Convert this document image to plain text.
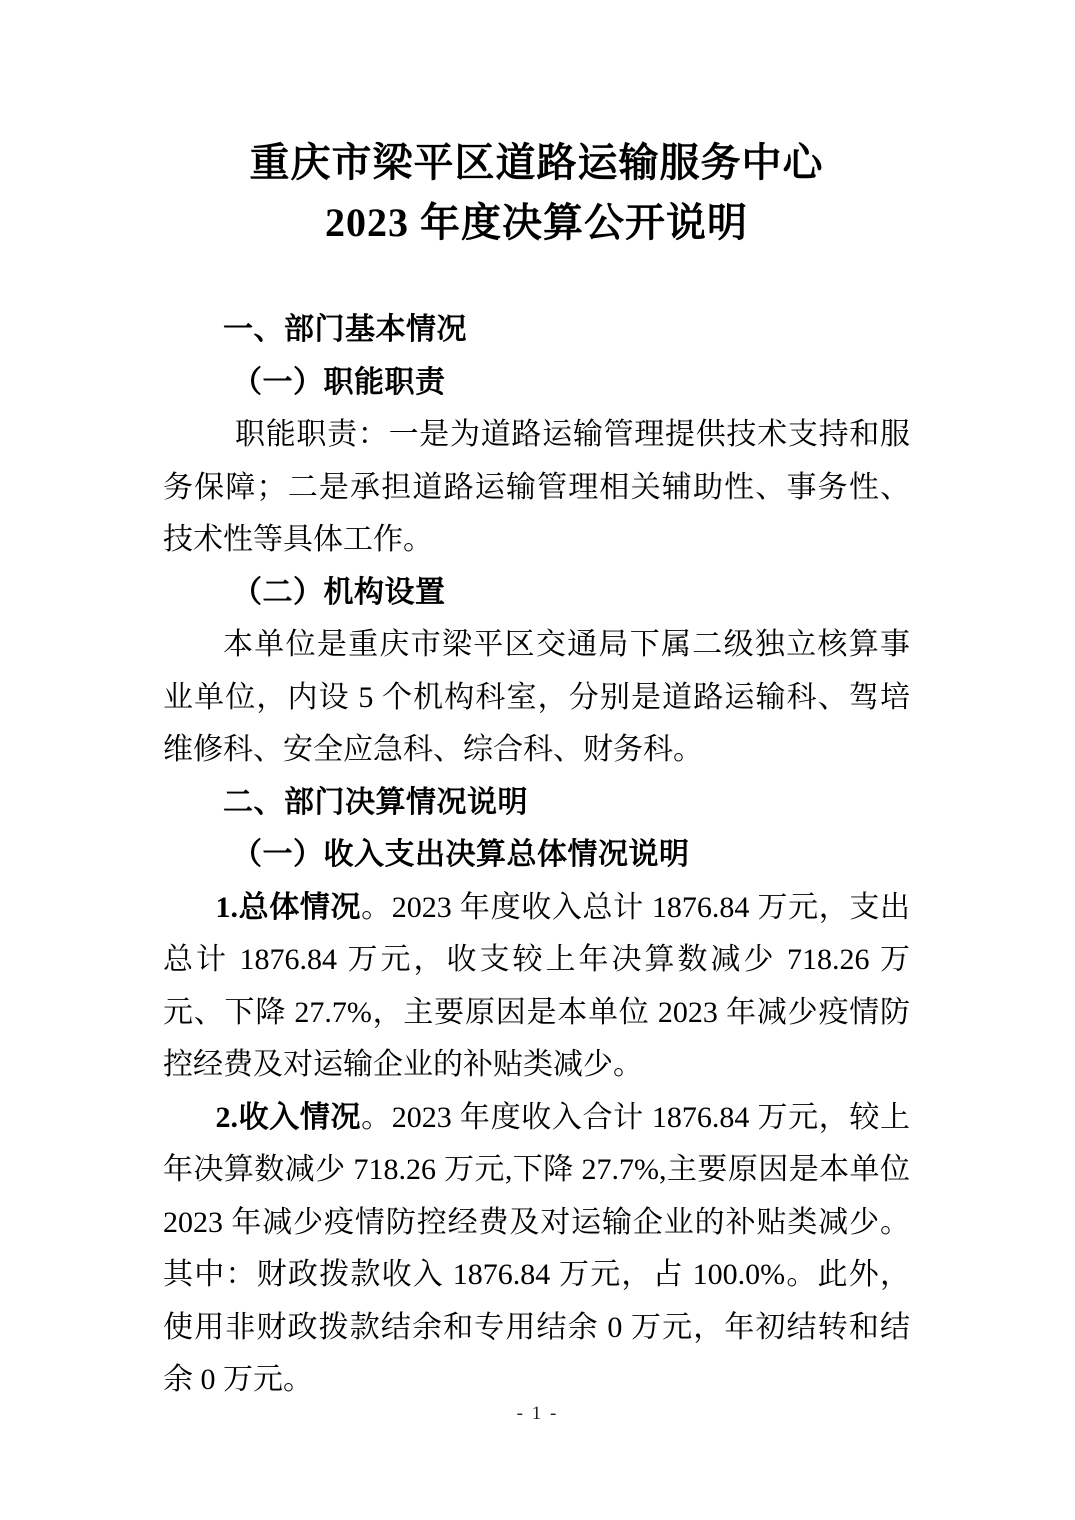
重庆市梁平区道路运输服务中心
2023 年度决算公开说明
一、部门基本情况
（一）职能职责

职能职责：一是为道路运输管理提供技术支持和服务保障；二是承担道路运输管理相关辅助性、事务性、技术性等具体工作。

（二）机构设置

本单位是重庆市梁平区交通局下属二级独立核算事业单位，内设 5 个机构科室，分别是道路运输科、驾培维修科、安全应急科、综合科、财务科。

二、部门决算情况说明
（一）收入支出决算总体情况说明

1.总体情况。2023 年度收入总计 1876.84 万元，支出总计 1876.84 万元，收支较上年决算数减少 718.26 万元、下降 27.7%，主要原因是本单位 2023 年减少疫情防控经费及对运输企业的补贴类减少。

2.收入情况。2023 年度收入合计 1876.84 万元，较上年决算数减少 718.26 万元,下降 27.7%,主要原因是本单位 2023 年减少疫情防控经费及对运输企业的补贴类减少。其中：财政拨款收入 1876.84 万元，占 100.0%。此外，使用非财政拨款结余和专用结余 0 万元，年初结转和结余 0 万元。

- 1 -
